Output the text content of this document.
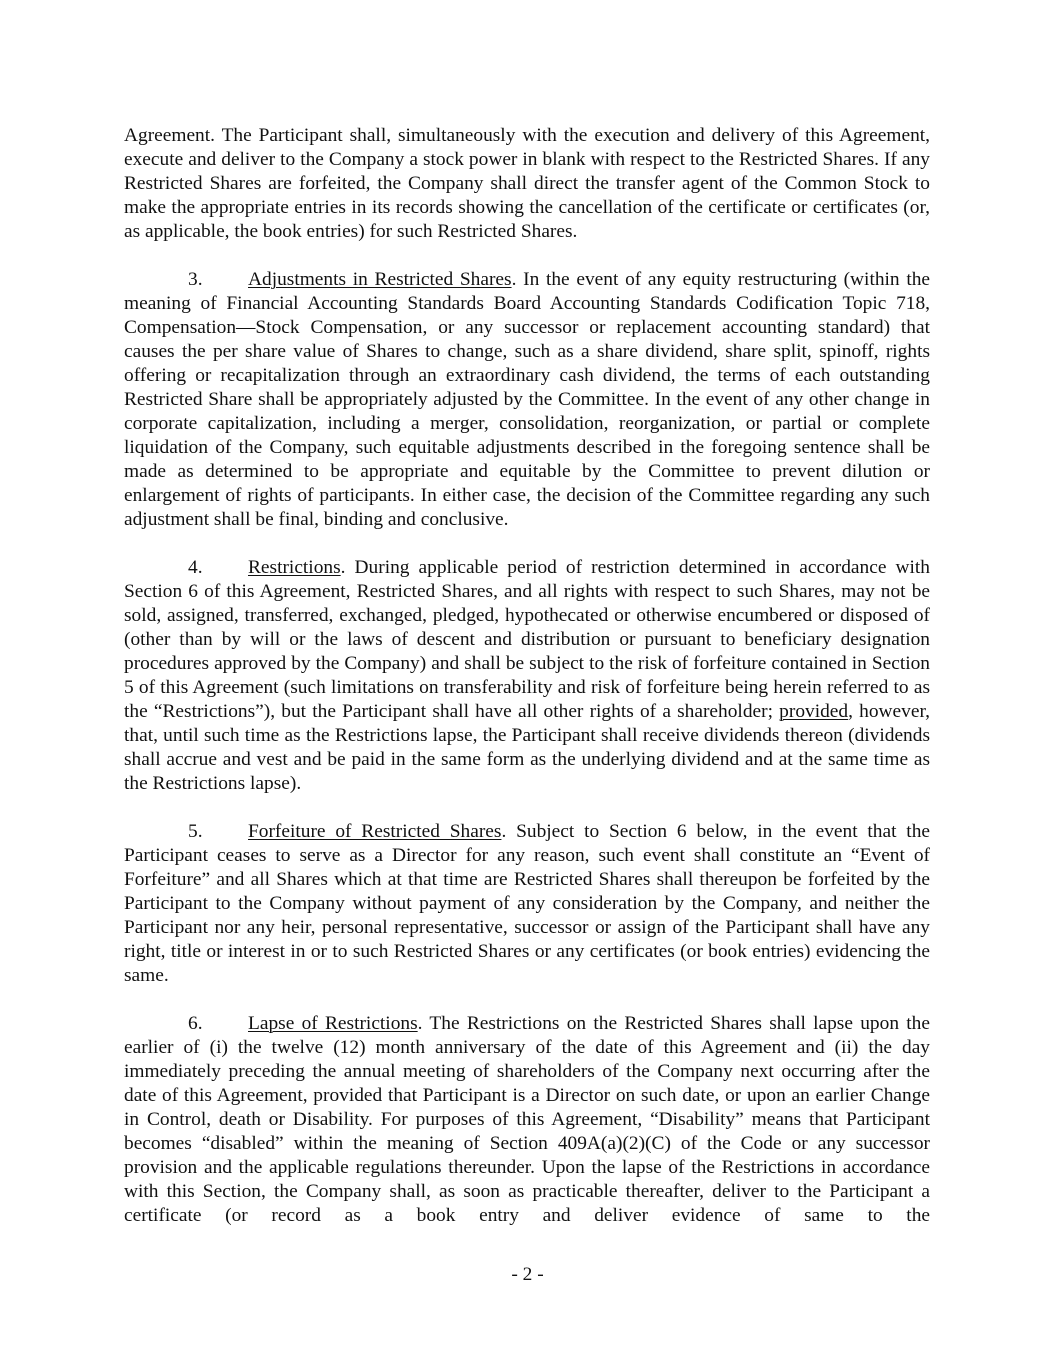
Agreement. The Participant shall, simultaneously with the execution and delivery of this Agreement, execute and deliver to the Company a stock power in blank with respect to the Restricted Shares. If any Restricted Shares are forfeited, the Company shall direct the transfer agent of the Common Stock to make the appropriate entries in its records showing the cancellation of the certificate or certificates (or, as applicable, the book entries) for such Restricted Shares.

3. Adjustments in Restricted Shares. In the event of any equity restructuring (within the meaning of Financial Accounting Standards Board Accounting Standards Codification Topic 718, Compensation—Stock Compensation, or any successor or replacement accounting standard) that causes the per share value of Shares to change, such as a share dividend, share split, spinoff, rights offering or recapitalization through an extraordinary cash dividend, the terms of each outstanding Restricted Share shall be appropriately adjusted by the Committee. In the event of any other change in corporate capitalization, including a merger, consolidation, reorganization, or partial or complete liquidation of the Company, such equitable adjustments described in the foregoing sentence shall be made as determined to be appropriate and equitable by the Committee to prevent dilution or enlargement of rights of participants. In either case, the decision of the Committee regarding any such adjustment shall be final, binding and conclusive.

4. Restrictions. During applicable period of restriction determined in accordance with Section 6 of this Agreement, Restricted Shares, and all rights with respect to such Shares, may not be sold, assigned, transferred, exchanged, pledged, hypothecated or otherwise encumbered or disposed of (other than by will or the laws of descent and distribution or pursuant to beneficiary designation procedures approved by the Company) and shall be subject to the risk of forfeiture contained in Section 5 of this Agreement (such limitations on transferability and risk of forfeiture being herein referred to as the “Restrictions”), but the Participant shall have all other rights of a shareholder; provided, however, that, until such time as the Restrictions lapse, the Participant shall receive dividends thereon (dividends shall accrue and vest and be paid in the same form as the underlying dividend and at the same time as the Restrictions lapse).

5. Forfeiture of Restricted Shares. Subject to Section 6 below, in the event that the Participant ceases to serve as a Director for any reason, such event shall constitute an “Event of Forfeiture” and all Shares which at that time are Restricted Shares shall thereupon be forfeited by the Participant to the Company without payment of any consideration by the Company, and neither the Participant nor any heir, personal representative, successor or assign of the Participant shall have any right, title or interest in or to such Restricted Shares or any certificates (or book entries) evidencing the same.

6. Lapse of Restrictions. The Restrictions on the Restricted Shares shall lapse upon the earlier of (i) the twelve (12) month anniversary of the date of this Agreement and (ii) the day immediately preceding the annual meeting of shareholders of the Company next occurring after the date of this Agreement, provided that Participant is a Director on such date, or upon an earlier Change in Control, death or Disability. For purposes of this Agreement, “Disability” means that Participant becomes “disabled” within the meaning of Section 409A(a)(2)(C) of the Code or any successor provision and the applicable regulations thereunder. Upon the lapse of the Restrictions in accordance with this Section, the Company shall, as soon as practicable thereafter, deliver to the Participant a certificate (or record as a book entry and deliver evidence of same to the

- 2 -
